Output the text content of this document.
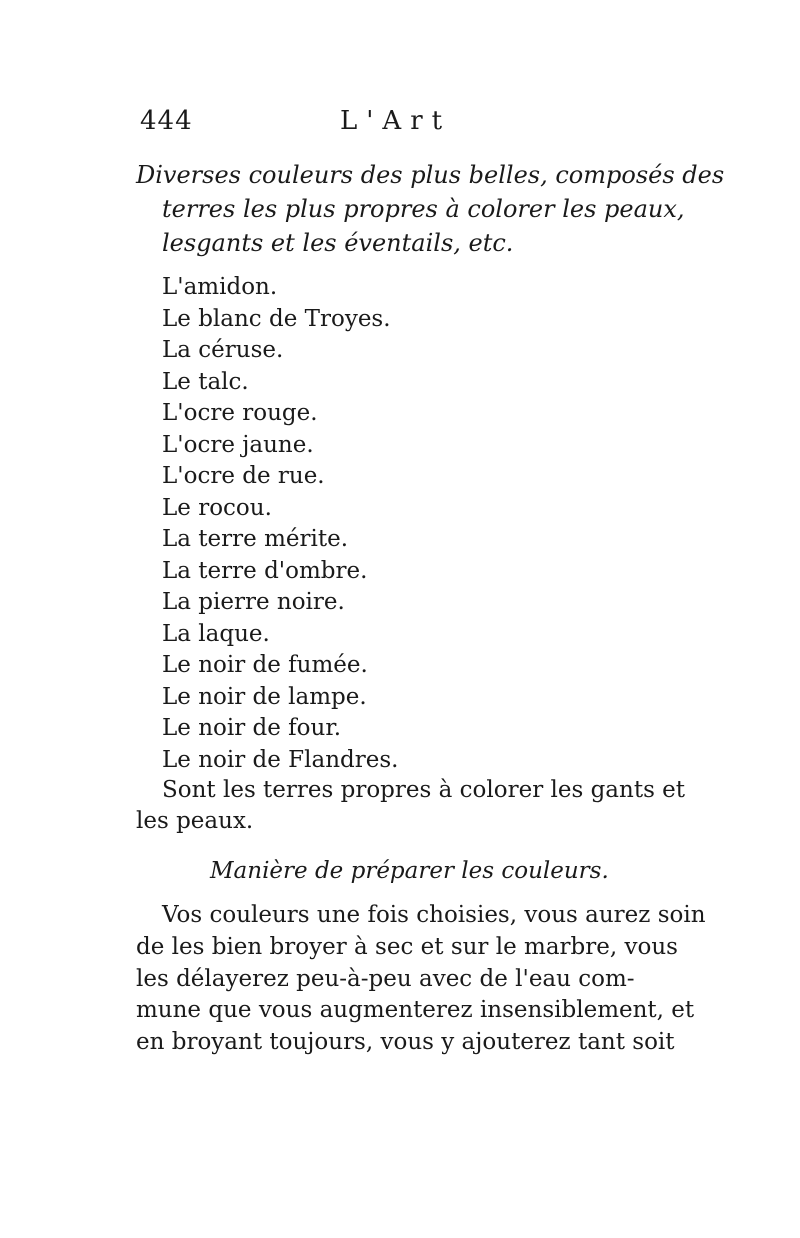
444	L'Art
Diverses couleurs des plus belles, composés des
terres les plus propres à colorer les peaux,
lesgants et les éventails, etc.
L'amidon.
Le blanc de Troyes.
La céruse.
Le talc.
L'ocre rouge.
L'ocre jaune.
L'ocre de rue.
Le rocou.
La terre mérite.
La terre d'ombre.
La pierre noire.
La laque.
Le noir de fumée.
Le noir de lampe.
Le noir de four.
Le noir de Flandres.
Sont les terres propres à colorer les gants et
les peaux.
Manière de préparer les couleurs.
Vos couleurs une fois choisies, vous aurez soin
de les bien broyer à sec et sur le marbre, vous
les délayerez peu-à-peu avec de l'eau com-
mune que vous augmenterez insensiblement, et
en broyant toujours, vous y ajouterez tant soit
